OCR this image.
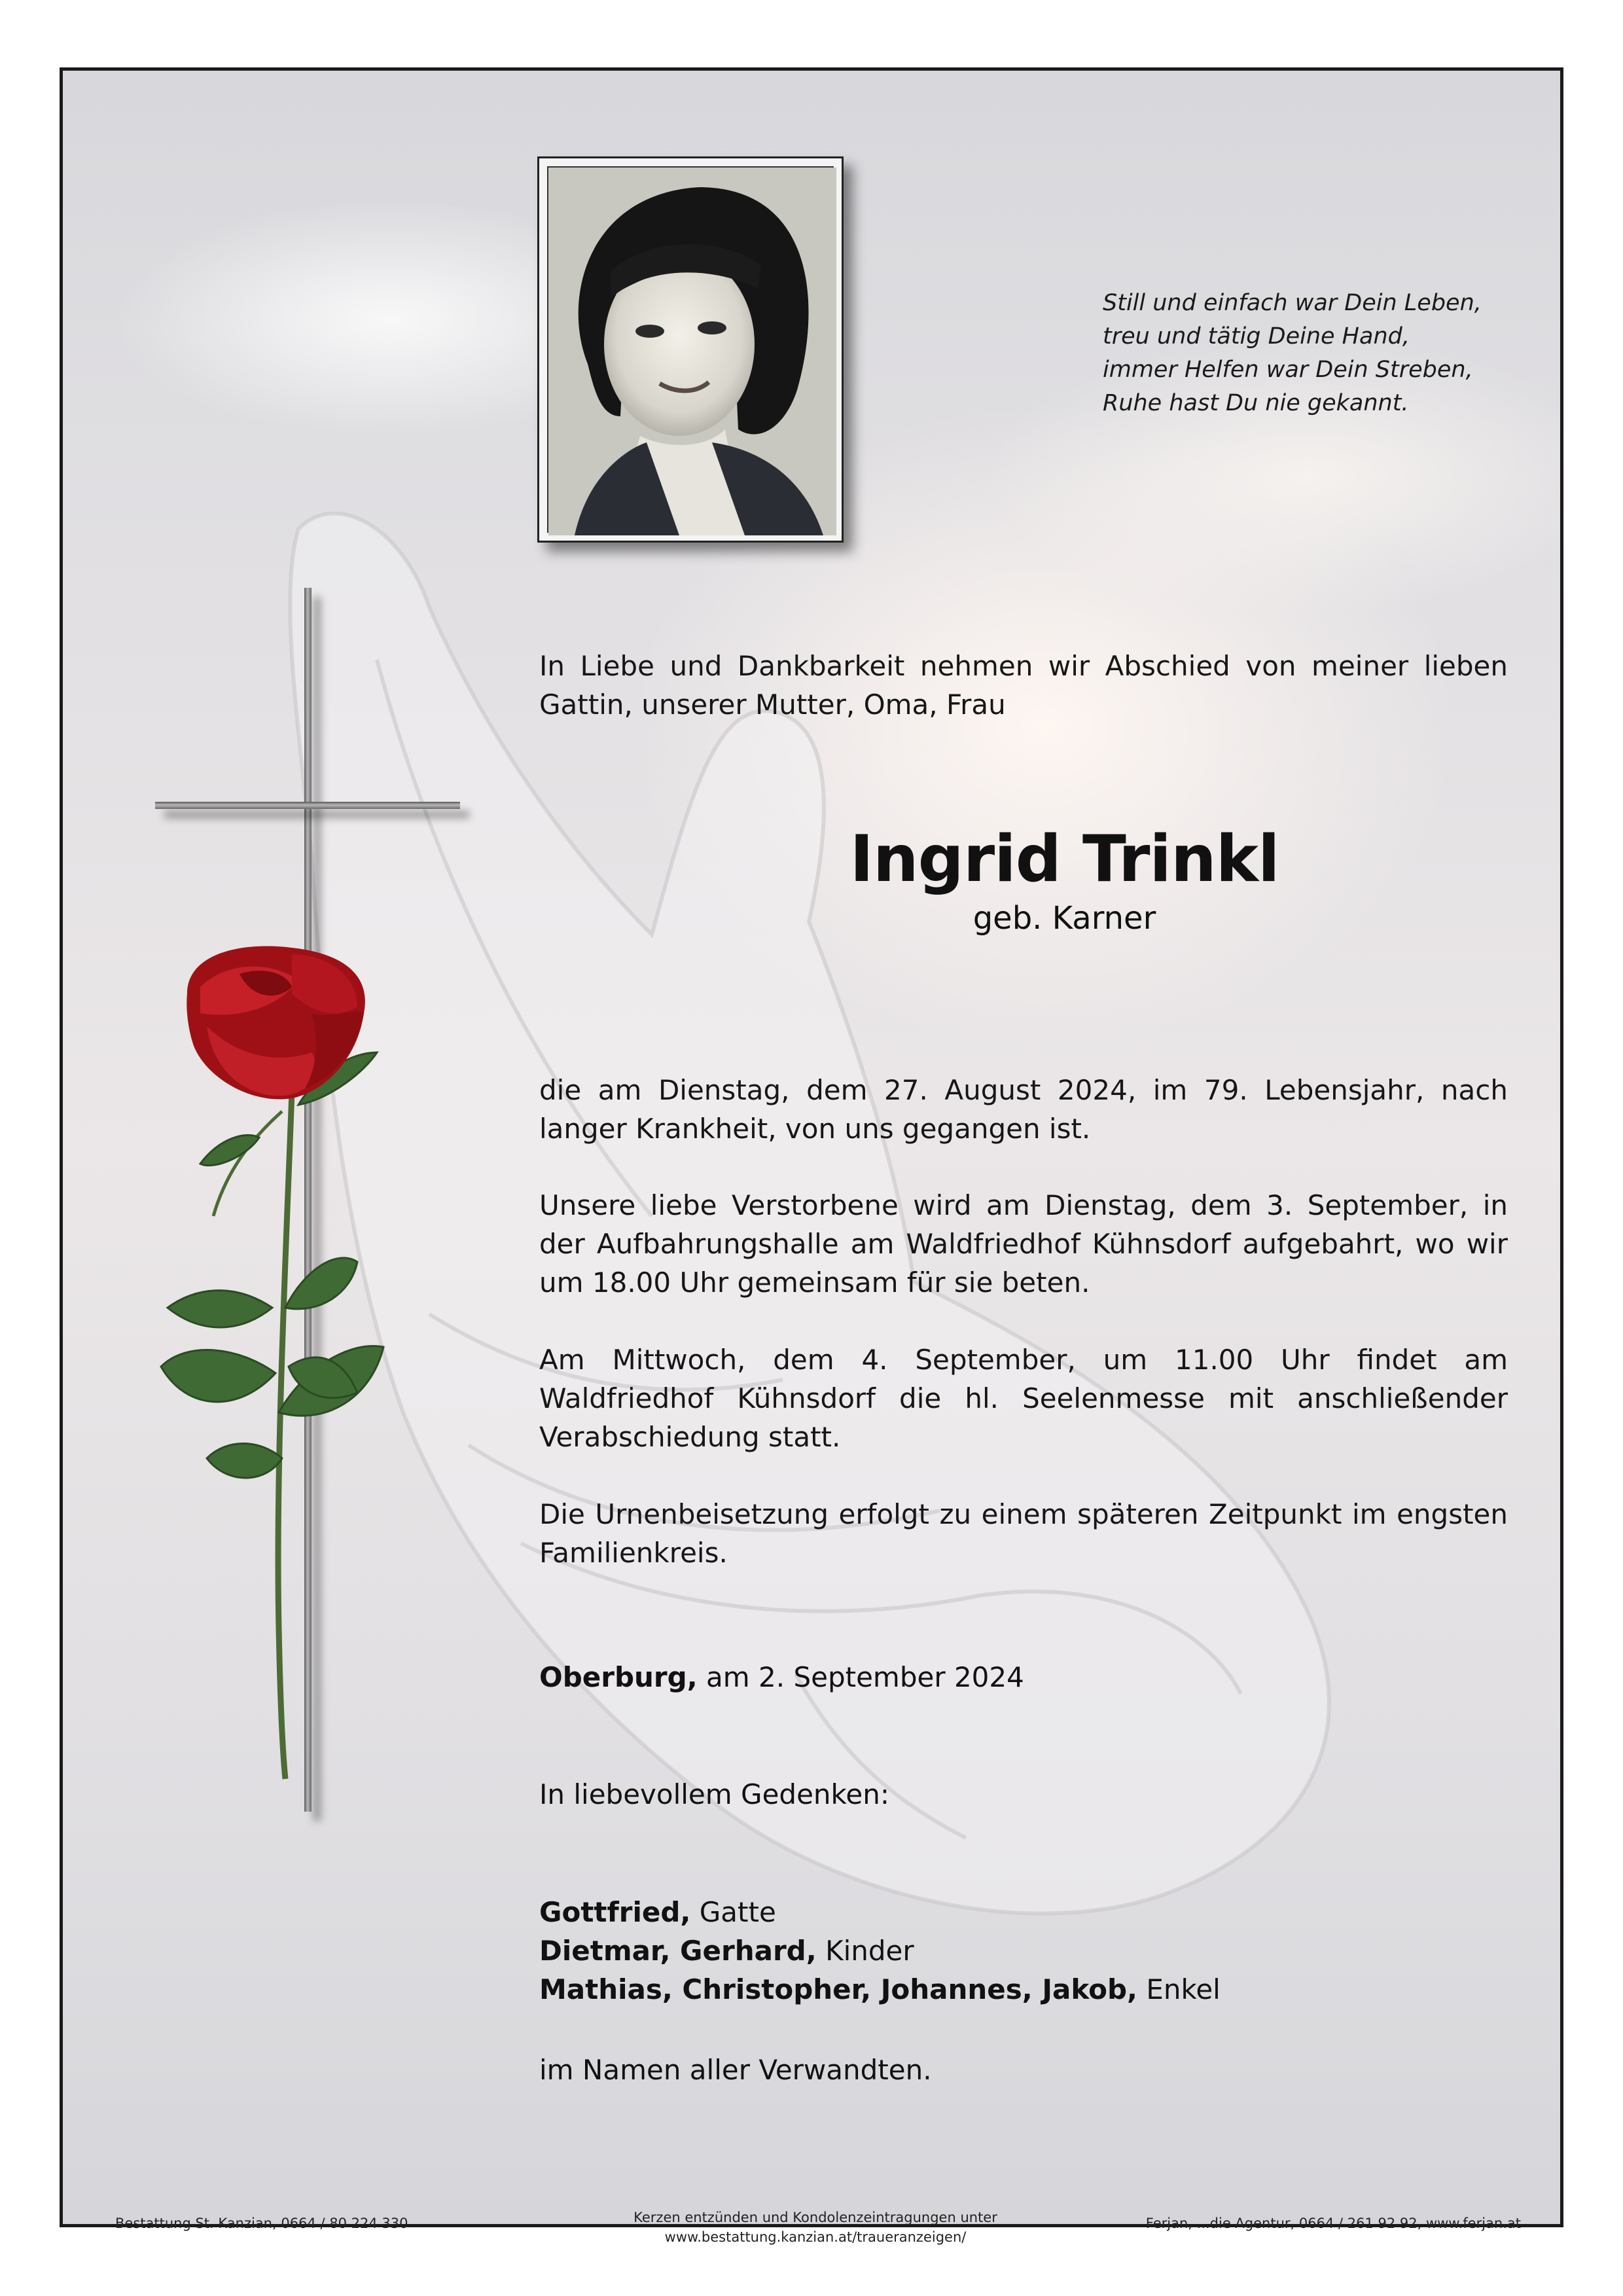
Still und einfach war Dein Leben,
treu und tätig Deine Hand,
immer Helfen war Dein Streben,
Ruhe hast Du nie gekannt.
In Liebe und Dankbarkeit nehmen wir Abschied von meiner lieben Gattin, unserer Mutter, Oma, Frau
Ingrid Trinkl
geb. Karner
die am Dienstag, dem 27. August 2024, im 79. Lebensjahr, nach langer Krankheit, von uns gegangen ist.
Unsere liebe Verstorbene wird am Dienstag, dem 3. September, in der Aufbahrungshalle am Waldfriedhof Kühnsdorf aufgebahrt, wo wir um 18.00 Uhr gemeinsam für sie beten.
Am Mittwoch, dem 4. September, um 11.00 Uhr findet am Waldfriedhof Kühnsdorf die hl. Seelenmesse mit anschließender Verabschiedung statt.
Die Urnenbeisetzung erfolgt zu einem späteren Zeitpunkt im engsten Familienkreis.
Oberburg, am 2. September 2024
In liebevollem Gedenken:
Gottfried, Gatte
Dietmar, Gerhard, Kinder
Mathias, Christopher, Johannes, Jakob, Enkel
im Namen aller Verwandten.
Bestattung St. Kanzian, 0664 / 80 224 330	Kerzen entzünden und Kondolenzeintragungen unter
www.bestattung.kanzian.at/traueranzeigen/
Ferjan, ...die Agentur, 0664 / 261 92 92, www.ferjan.at
